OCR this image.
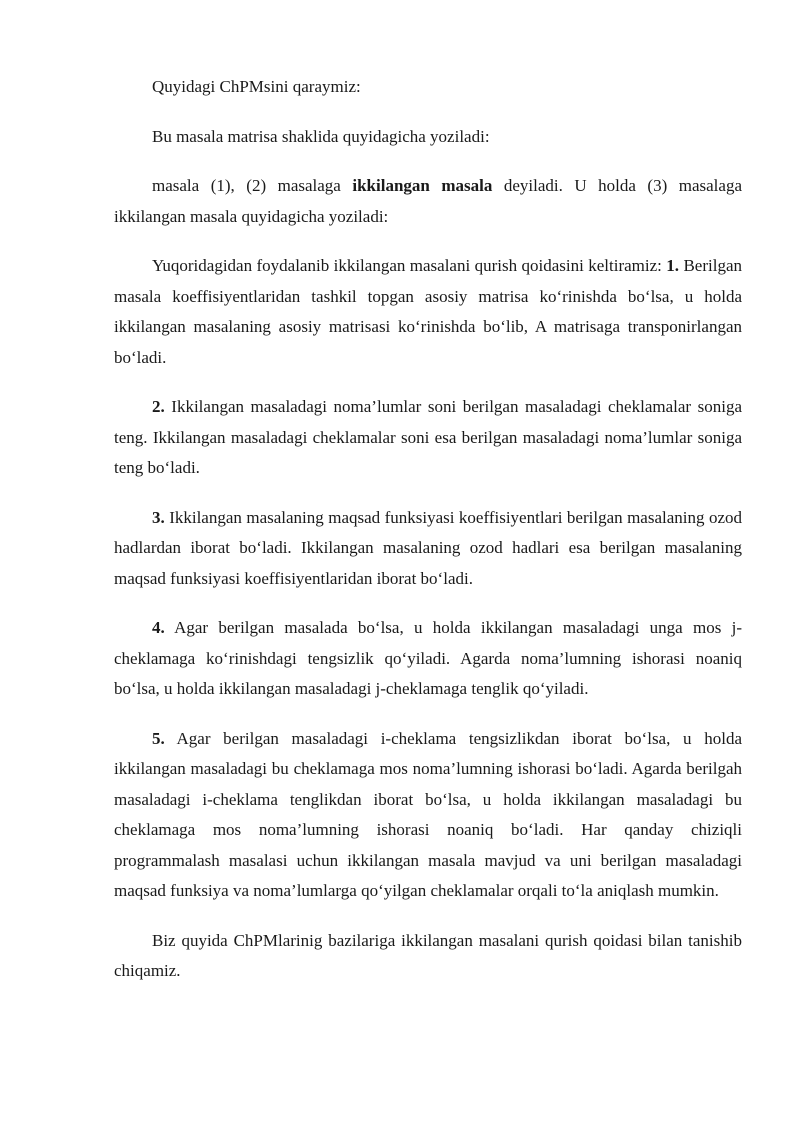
Quyidagi ChPMsini qaraymiz:

Bu masala matrisa shaklida quyidagicha yoziladi:

masala (1), (2) masalaga ikkilangan masala deyiladi. U holda (3) masalaga ikkilangan masala quyidagicha yoziladi:

Yuqoridagidan foydalanib ikkilangan masalani qurish qoidasini keltiramiz: 1. Berilgan masala koeffisiyentlaridan tashkil topgan asosiy matrisa ko‘rinishda bo‘lsa, u holda ikkilangan masalaning asosiy matrisasi ko‘rinishda bo‘lib, A matrisaga transponirlangan bo‘ladi.

2. Ikkilangan masaladagi noma’lumlar soni berilgan masaladagi cheklamalar soniga teng. Ikkilangan masaladagi cheklamalar soni esa berilgan masaladagi noma’lumlar soniga teng bo‘ladi.

3. Ikkilangan masalaning maqsad funksiyasi koeffisiyentlari berilgan masalaning ozod hadlardan iborat bo‘ladi. Ikkilangan masalaning ozod hadlari esa berilgan masalaning maqsad funksiyasi koeffisiyentlaridan iborat bo‘ladi.

4. Agar berilgan masalada bo‘lsa, u holda ikkilangan masaladagi unga mos j-cheklamaga ko‘rinishdagi tengsizlik qo‘yiladi. Agarda noma’lumning ishorasi noaniq bo‘lsa, u holda ikkilangan masaladagi j-cheklamaga tenglik qo‘yiladi.

5. Agar berilgan masaladagi i-cheklama tengsizlikdan iborat bo‘lsa, u holda ikkilangan masaladagi bu cheklamaga mos noma’lumning ishorasi bo‘ladi. Agarda berilgah masaladagi i-cheklama tenglikdan iborat bo‘lsa, u holda ikkilangan masaladagi bu cheklamaga mos noma’lumning ishorasi noaniq bo‘ladi. Har qanday chiziqli programmalash masalasi uchun ikkilangan masala mavjud va uni berilgan masaladagi maqsad funksiya va noma’lumlarga qo‘yilgan cheklamalar orqali to‘la aniqlash mumkin.

Biz quyida ChPMlarinig bazilariga ikkilangan masalani qurish qoidasi bilan tanishib chiqamiz.
